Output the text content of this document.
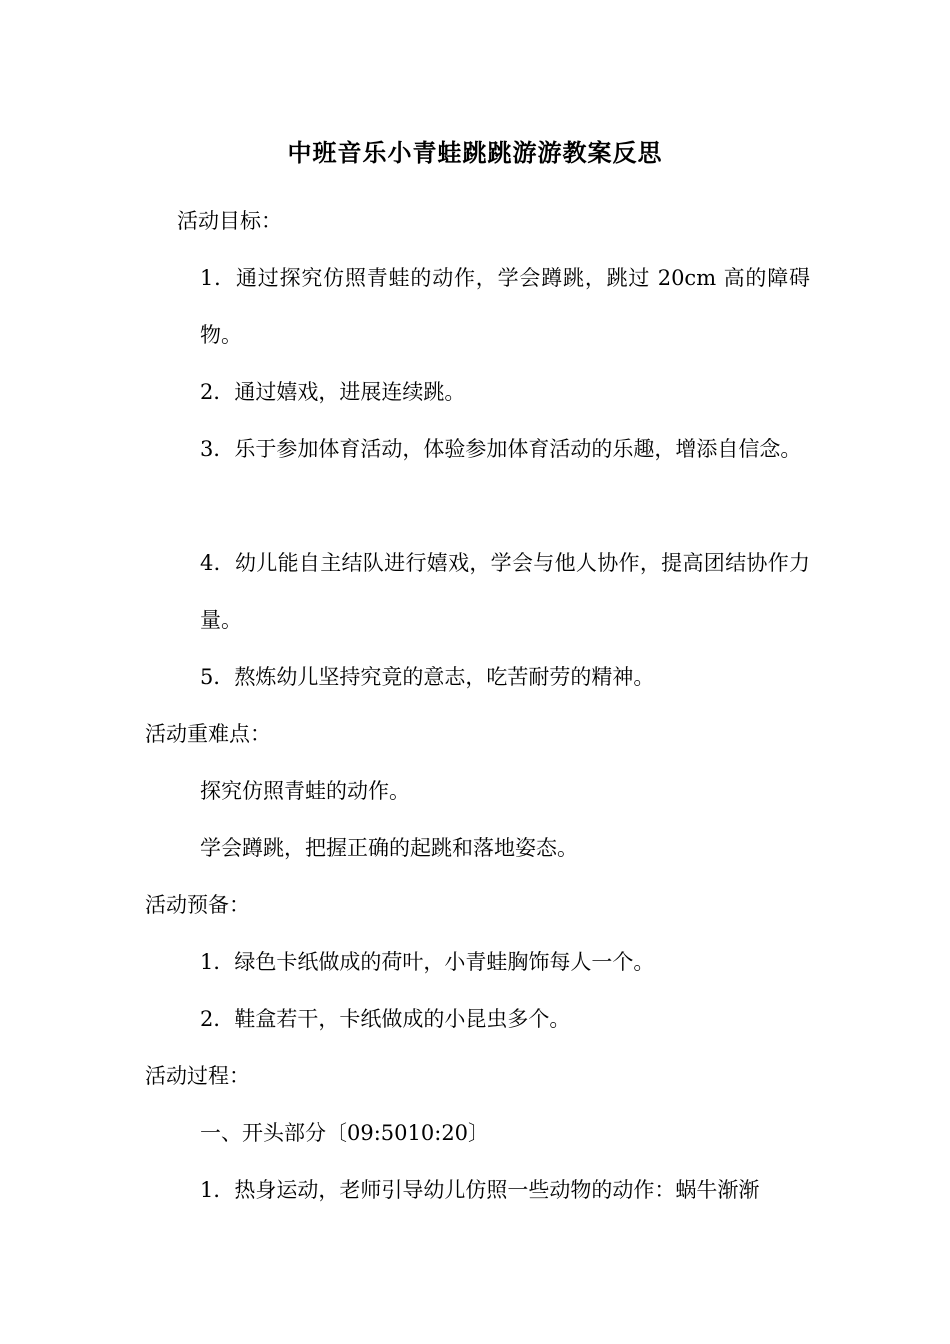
中班音乐小青蛙跳跳游游教案反思
活动目标：
1．通过探究仿照青蛙的动作，学会蹲跳，跳过 20cm 高的障碍物。
2．通过嬉戏，进展连续跳。
3．乐于参加体育活动，体验参加体育活动的乐趣，增添自信念。
4．幼儿能自主结队进行嬉戏，学会与他人协作，提高团结协作力量。
5．熬炼幼儿坚持究竟的意志，吃苦耐劳的精神。
活动重难点：
探究仿照青蛙的动作。
学会蹲跳，把握正确的起跳和落地姿态。
活动预备：
1．绿色卡纸做成的荷叶，小青蛙胸饰每人一个。
2．鞋盒若干，卡纸做成的小昆虫多个。
活动过程：
一、开头部分〔09:5010:20〕
1．热身运动，老师引导幼儿仿照一些动物的动作：蜗牛渐渐
